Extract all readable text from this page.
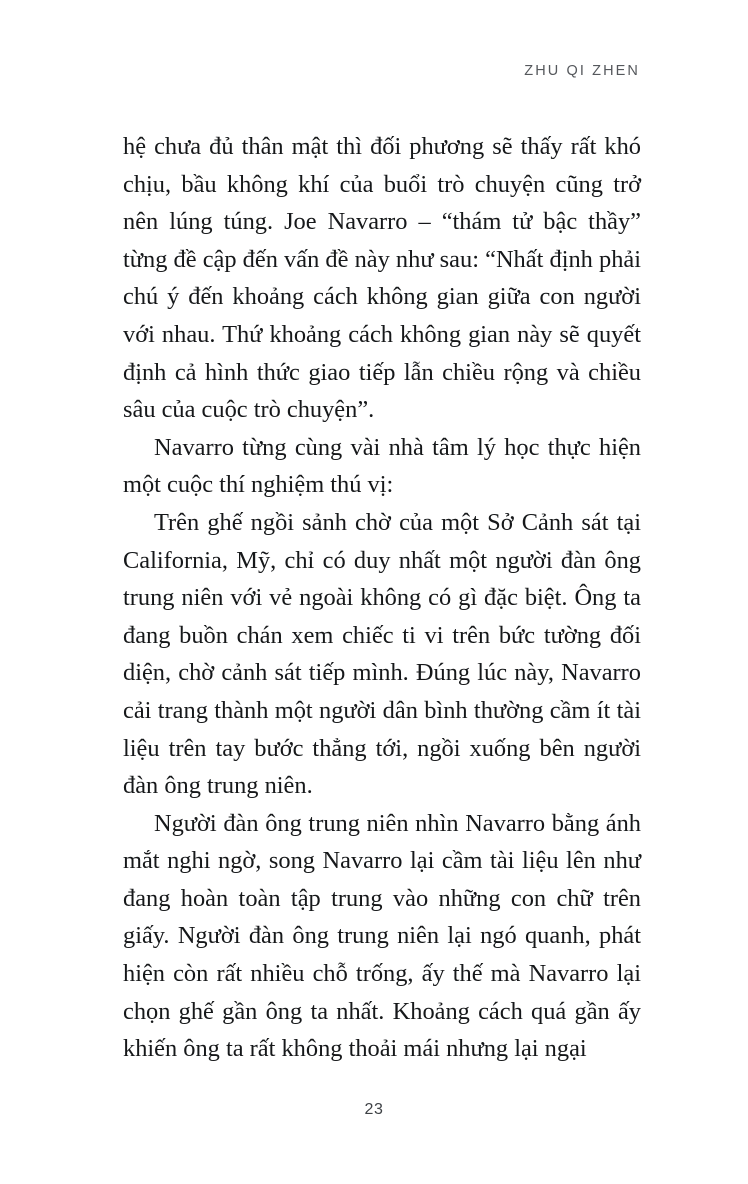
ZHU QI ZHEN

hệ chưa đủ thân mật thì đối phương sẽ thấy rất khó chịu, bầu không khí của buổi trò chuyện cũng trở nên lúng túng. Joe Navarro – “thám tử bậc thầy” từng đề cập đến vấn đề này như sau: “Nhất định phải chú ý đến khoảng cách không gian giữa con người với nhau. Thứ khoảng cách không gian này sẽ quyết định cả hình thức giao tiếp lẫn chiều rộng và chiều sâu của cuộc trò chuyện”.

Navarro từng cùng vài nhà tâm lý học thực hiện một cuộc thí nghiệm thú vị:

Trên ghế ngồi sảnh chờ của một Sở Cảnh sát tại California, Mỹ, chỉ có duy nhất một người đàn ông trung niên với vẻ ngoài không có gì đặc biệt. Ông ta đang buồn chán xem chiếc ti vi trên bức tường đối diện, chờ cảnh sát tiếp mình. Đúng lúc này, Navarro cải trang thành một người dân bình thường cầm ít tài liệu trên tay bước thẳng tới, ngồi xuống bên người đàn ông trung niên.

Người đàn ông trung niên nhìn Navarro bằng ánh mắt nghi ngờ, song Navarro lại cầm tài liệu lên như đang hoàn toàn tập trung vào những con chữ trên giấy. Người đàn ông trung niên lại ngó quanh, phát hiện còn rất nhiều chỗ trống, ấy thế mà Navarro lại chọn ghế gần ông ta nhất. Khoảng cách quá gần ấy khiến ông ta rất không thoải mái nhưng lại ngại

23
